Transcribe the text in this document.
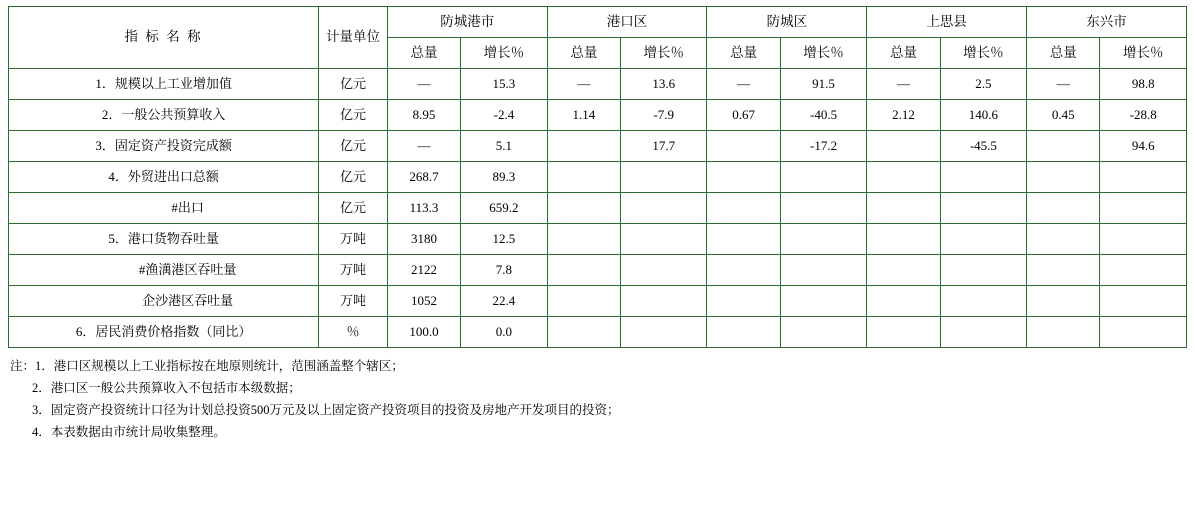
指 标 名 称	计量单位	防城港市		港口区		防城区		上思县		东兴市	
		总量	增长％	总量	增长％	总量	增长％	总量	增长％	总量	增长％
1．规模以上工业增加值	亿元	—	15.3	—	13.6	—	91.5	—	2.5	—	98.8
2．一般公共预算收入	亿元	8.95	-2.4	1.14	-7.9	0.67	-40.5	2.12	140.6	0.45	-28.8
3．固定资产投资完成额	亿元	—	5.1		17.7		-17.2		-45.5		94.6
4．外贸进出口总额	亿元	268.7	89.3								
#出口	亿元	113.3	659.2								
5．港口货物吞吐量	万吨	3180	12.5								
#渔澫港区吞吐量	万吨	2122	7.8								
企沙港区吞吐量	万吨	1052	22.4								
6．居民消费价格指数（同比）	％	100.0	0.0								
注：1．港口区规模以上工业指标按在地原则统计，范围涵盖整个辖区；
2．港口区一般公共预算收入不包括市本级数据；
3．固定资产投资统计口径为计划总投资500万元及以上固定资产投资项目的投资及房地产开发项目的投资；
4．本表数据由市统计局收集整理。
